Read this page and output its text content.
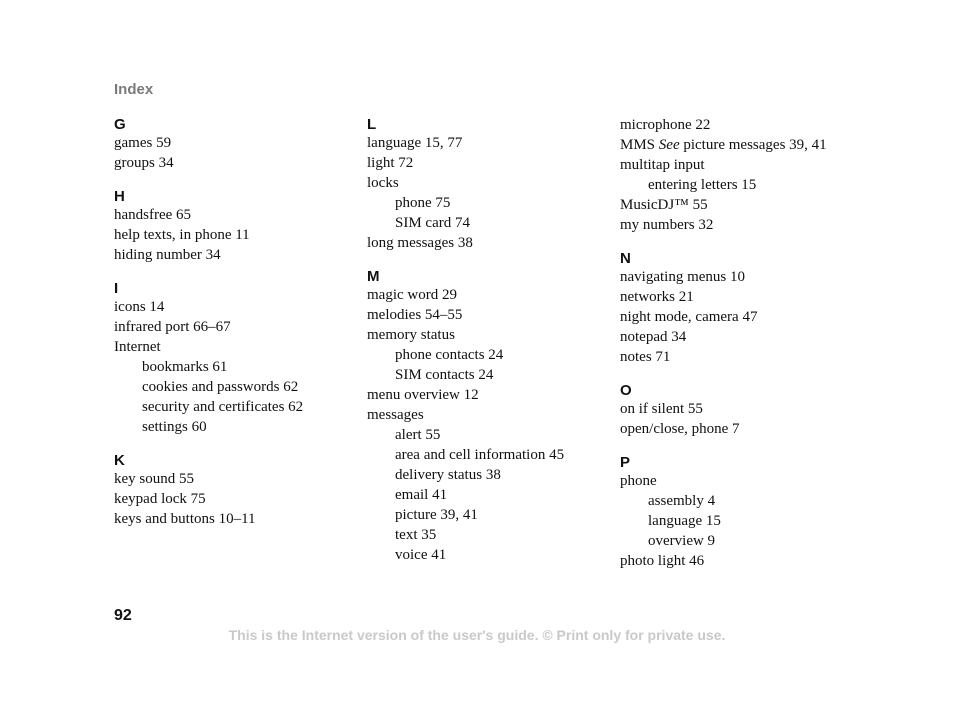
Index
G
games 59
groups 34
H
handsfree 65
help texts, in phone 11
hiding number 34
I
icons 14
infrared port 66–67
Internet
bookmarks 61
cookies and passwords 62
security and certificates 62
settings 60
K
key sound 55
keypad lock 75
keys and buttons 10–11
L
language 15, 77
light 72
locks
phone 75
SIM card 74
long messages 38
M
magic word 29
melodies 54–55
memory status
phone contacts 24
SIM contacts 24
menu overview 12
messages
alert 55
area and cell information 45
delivery status 38
email 41
picture 39, 41
text 35
voice 41
microphone 22
MMS See picture messages 39, 41
multitap input
entering letters 15
MusicDJ™ 55
my numbers 32
N
navigating menus 10
networks 21
night mode, camera 47
notepad 34
notes 71
O
on if silent 55
open/close, phone 7
P
phone
assembly 4
language 15
overview 9
photo light 46
92
This is the Internet version of the user's guide. © Print only for private use.
